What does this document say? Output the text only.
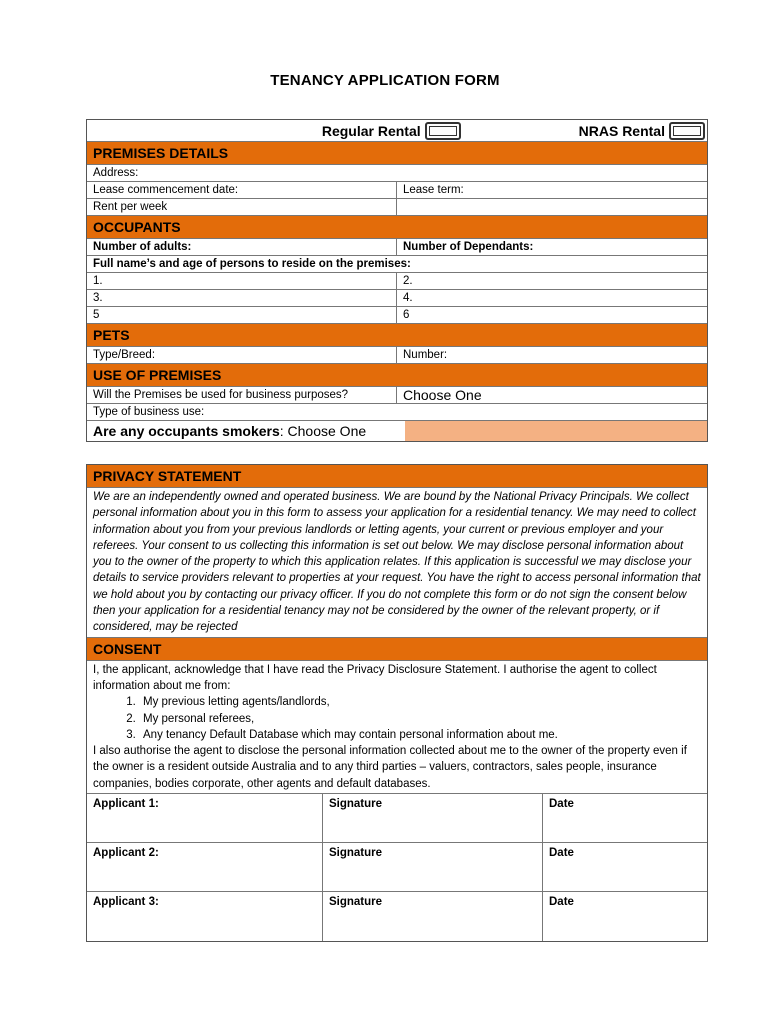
TENANCY APPLICATION FORM
Regular Rental	NRAS Rental
PREMISES DETAILS
Address:
Lease commencement date:	Lease term:
Rent per week
OCCUPANTS
Number of adults:	Number of Dependants:
Full name’s and age of persons to reside on the premises:
1.	2.
3.	4.
5	6
PETS
Type/Breed:	Number:
USE OF PREMISES
Will the Premises be used for business purposes?	Choose One
Type of business use:
Are any occupants smokers: Choose One
PRIVACY STATEMENT
We are an independently owned and operated business. We are bound by the National Privacy Principals. We collect personal information about you in this form to assess your application for a residential tenancy. We may need to collect information about you from your previous landlords or letting agents, your current or previous employer and your referees. Your consent to us collecting this information is set out below. We may disclose personal information about you to the owner of the property to which this application relates. If this application is successful we may disclose your details to service providers relevant to properties at your request. You have the right to access personal information that we hold about you by contacting our privacy officer. If you do not complete this form or do not sign the consent below then your application for a residential tenancy may not be considered by the owner of the relevant property, or if considered, may be rejected
CONSENT
I, the applicant, acknowledge that I have read the Privacy Disclosure Statement. I authorise the agent to collect information about me from:
1. My previous letting agents/landlords,
2. My personal referees,
3. Any tenancy Default Database which may contain personal information about me.
I also authorise the agent to disclose the personal information collected about me to the owner of the property even if the owner is a resident outside Australia and to any third parties – valuers, contractors, sales people, insurance companies, bodies corporate, other agents and default databases.
Applicant 1:	Signature	Date
Applicant 2:	Signature	Date
Applicant 3:	Signature	Date
